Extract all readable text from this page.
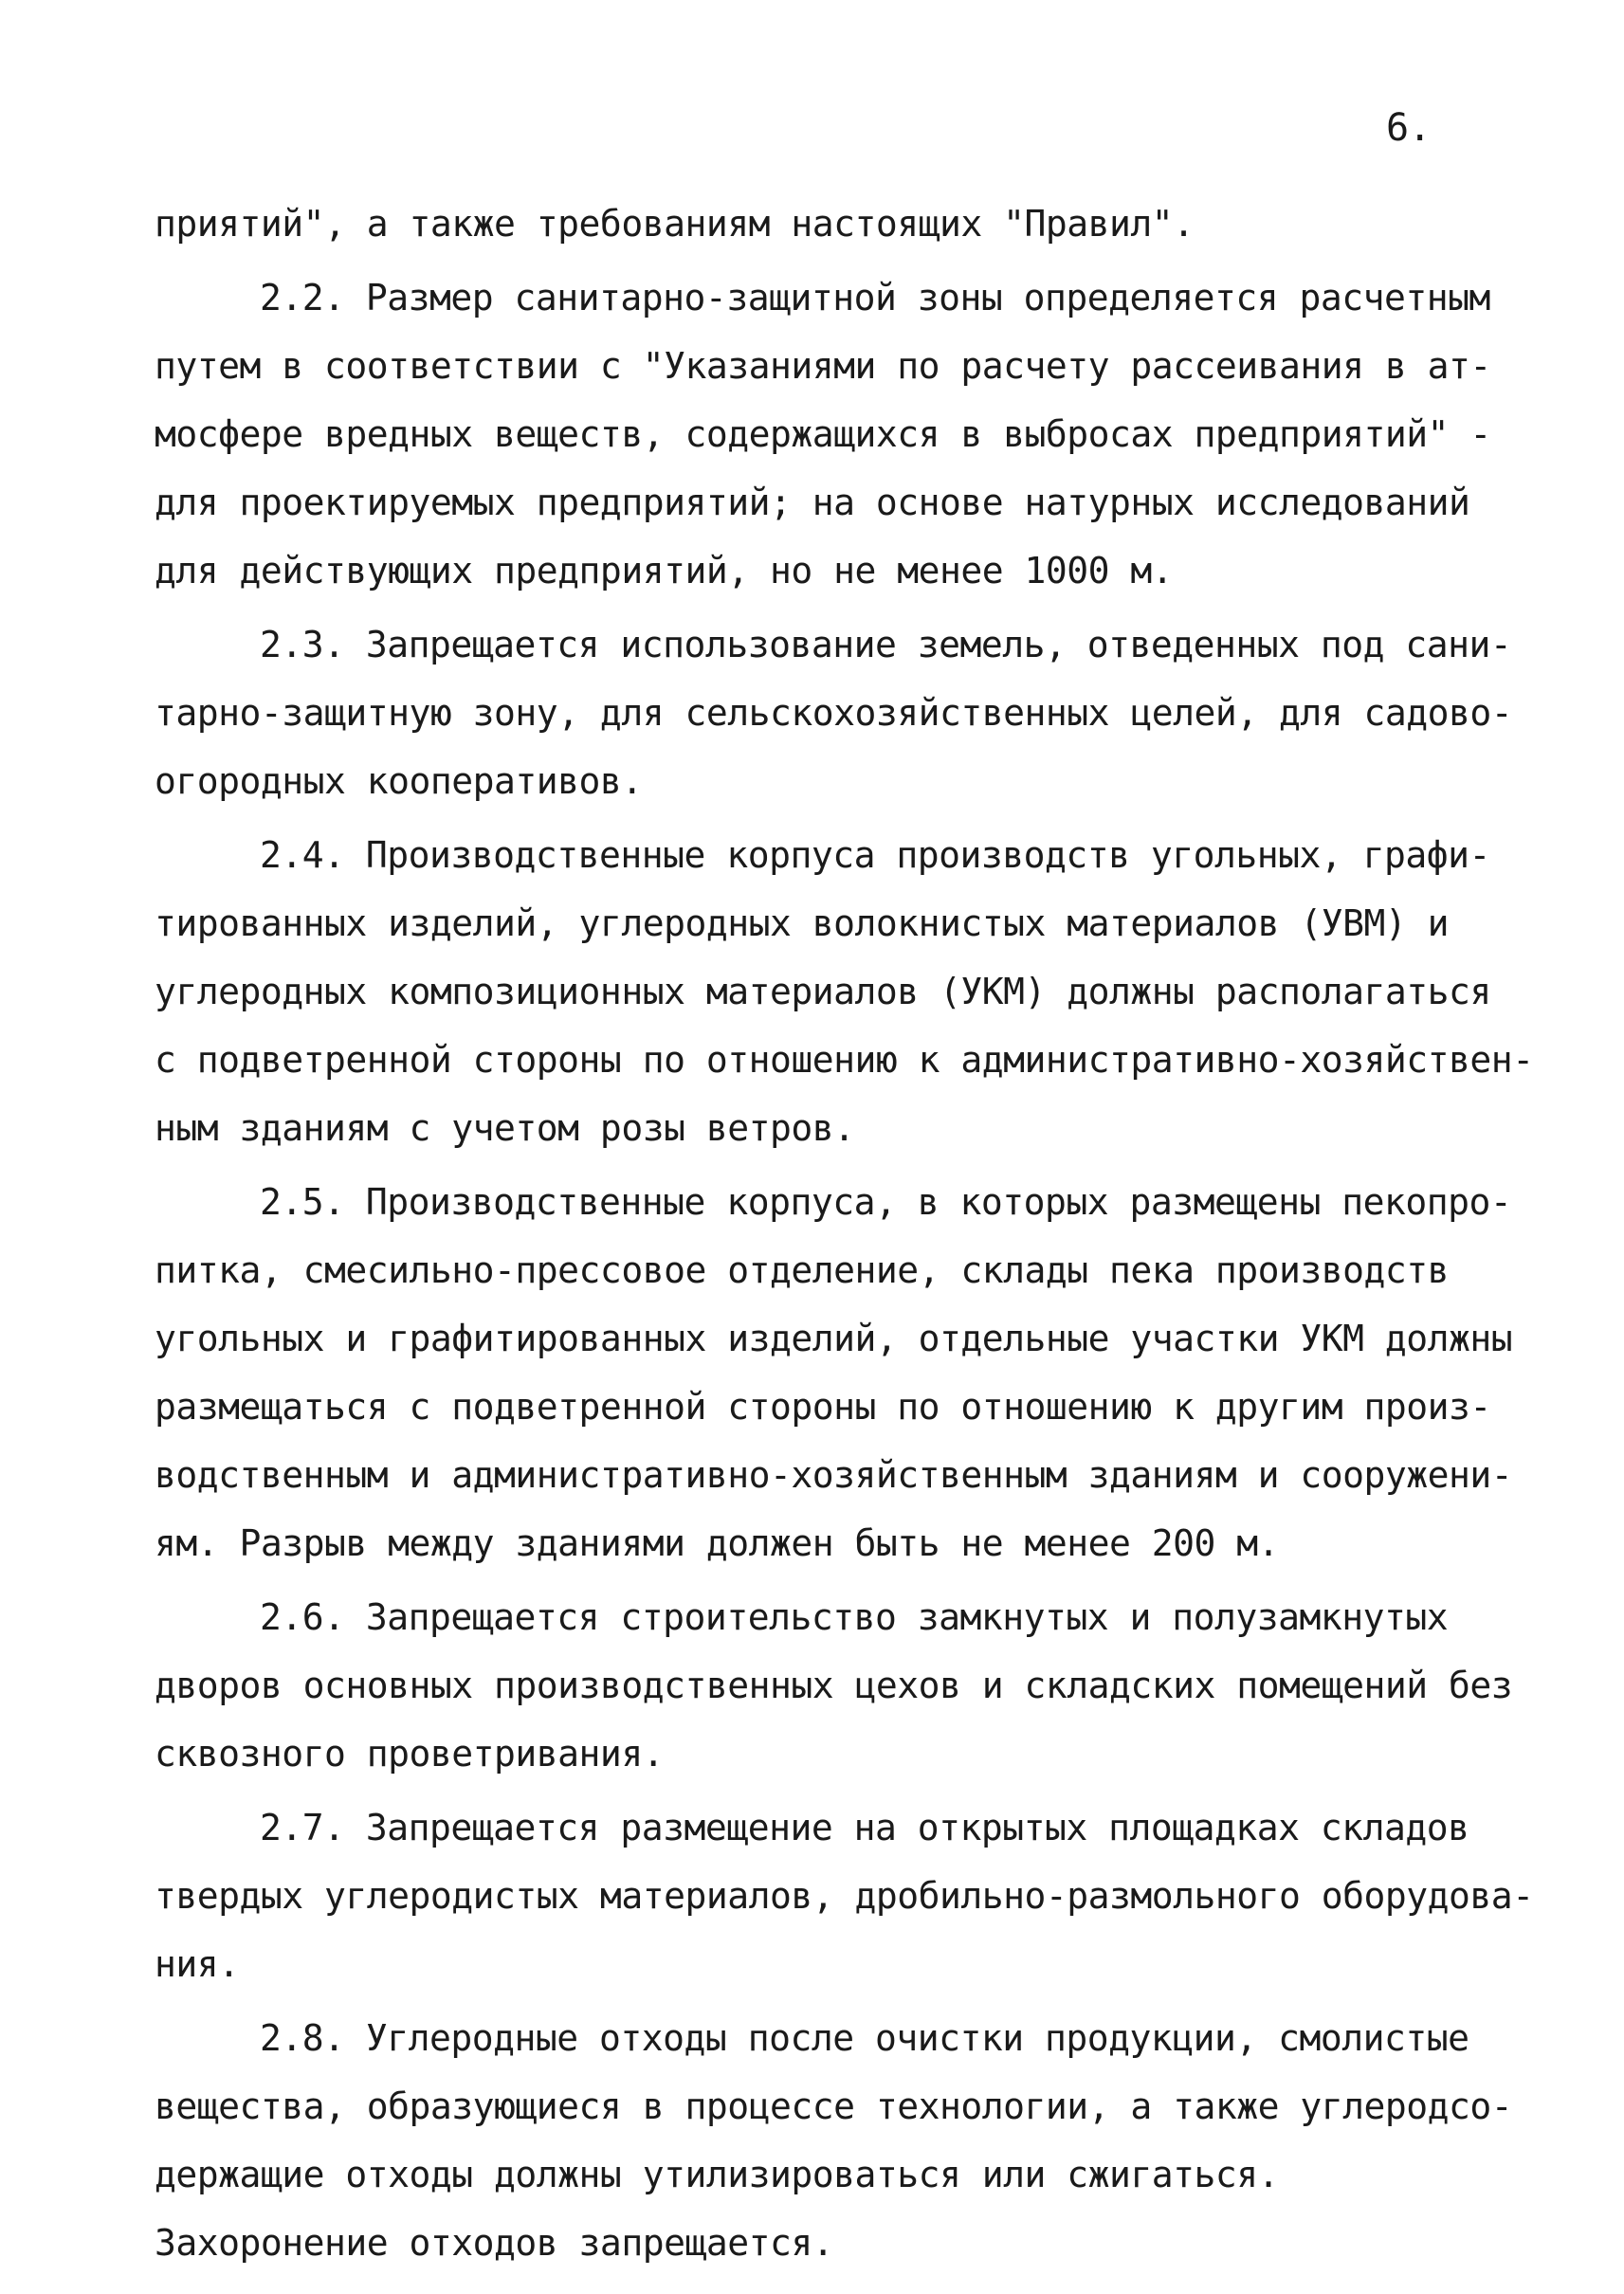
6.
приятий", а также требованиям настоящих "Правил".
2.2. Размер санитарно-защитной зоны определяется расчетным
путем в соответствии с "Указаниями по расчету рассеивания в ат-
мосфере вредных веществ, содержащихся в выбросах предприятий" -
для проектируемых предприятий; на основе натурных исследований
для действующих предприятий, но не менее 1000 м.
2.3. Запрещается использование земель, отведенных под сани-
тарно-защитную зону, для сельскохозяйственных целей, для садово-
огородных кооперативов.
2.4. Производственные корпуса производств угольных, графи-
тированных изделий, углеродных волокнистых материалов (УВМ) и
углеродных композиционных материалов (УКМ) должны располагаться
с подветренной стороны по отношению к административно-хозяйствен-
ным зданиям с учетом розы ветров.
2.5. Производственные корпуса, в которых размещены пекопро-
питка, смесильно-прессовое отделение, склады пека производств
угольных и графитированных изделий, отдельные участки УКМ должны
размещаться с подветренной стороны по отношению к другим произ-
водственным и административно-хозяйственным зданиям и сооружени-
ям. Разрыв между зданиями должен быть не менее 200 м.
2.6. Запрещается строительство замкнутых и полузамкнутых
дворов основных производственных цехов и складских помещений без
сквозного проветривания.
2.7. Запрещается размещение на открытых площадках складов
твердых углеродистых материалов, дробильно-размольного оборудова-
ния.
2.8. Углеродные отходы после очистки продукции, смолистые
вещества, образующиеся в процессе технологии, а также углеродсо-
держащие отходы должны утилизироваться или сжигаться.
Захоронение отходов запрещается.
